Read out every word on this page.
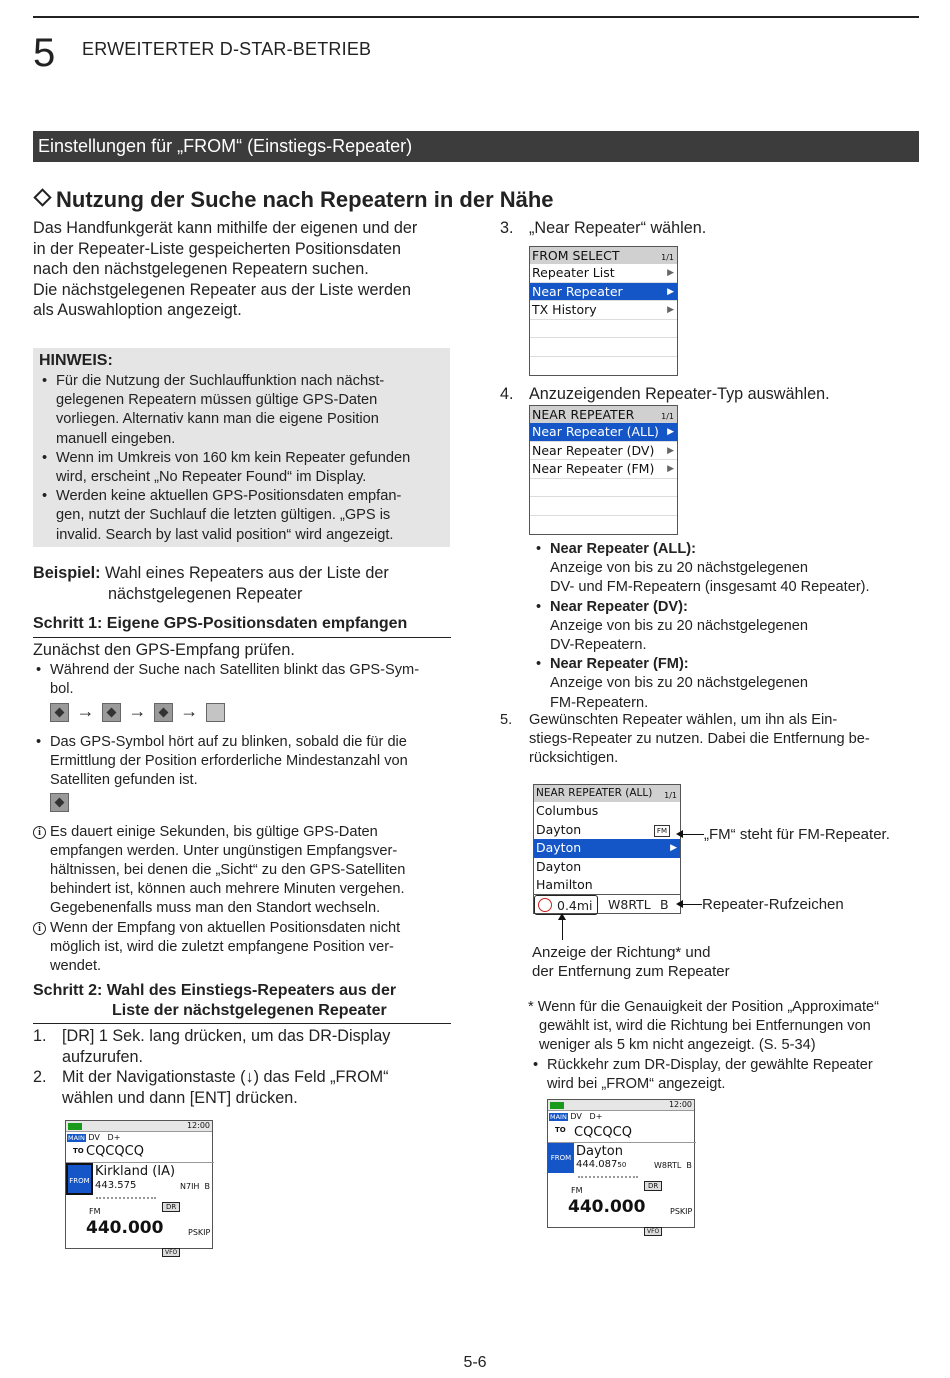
5 ERWEITERTER D-STAR-BETRIEB
Einstellungen für „FROM“ (Einstiegs-Repeater)
Nutzung der Suche nach Repeatern in der Nähe
Das Handfunkgerät kann mithilfe der eigenen und der
in der Repeater-Liste gespeicherten Positionsdaten
nach den nächstgelegenen Repeatern suchen.
Die nächstgelegenen Repeater aus der Liste werden
als Auswahloption angezeigt.
HINWEIS:
• Für die Nutzung der Suchlauffunktion nach nächst-
gelegenen Repeatern müssen gültige GPS-Daten
vorliegen. Alternativ kann man die eigene Position
manuell eingeben.
• Wenn im Umkreis von 160 km kein Repeater gefunden
wird, erscheint „No Repeater Found“ im Display.
• Werden keine aktuellen GPS-Positionsdaten empfan-
gen, nutzt der Suchlauf die letzten gültigen. „GPS is
invalid. Search by last valid position“ wird angezeigt.
Beispiel: Wahl eines Repeaters aus der Liste der
nächstgelegenen Repeater
Schritt 1: Eigene GPS-Positionsdaten empfangen
Zunächst den GPS-Empfang prüfen.
• Während der Suche nach Satelliten blinkt das GPS-Sym-
bol.
→ → →
• Das GPS-Symbol hört auf zu blinken, sobald die für die
Ermittlung der Position erforderliche Mindestanzahl von
Satelliten gefunden ist.
i Es dauert einige Sekunden, bis gültige GPS-Daten
empfangen werden. Unter ungünstigen Empfangsver-
hältnissen, bei denen die „Sicht“ zu den GPS-Satelliten
behindert ist, können auch mehrere Minuten vergehen.
Gegebenenfalls muss man den Standort wechseln.
i Wenn der Empfang von aktuellen Positionsdaten nicht
möglich ist, wird die zuletzt empfangene Position ver-
wendet.
Schritt 2: Wahl des Einstiegs-Repeaters aus der
Liste der nächstgelegenen Repeater
1. [DR] 1 Sek. lang drücken, um das DR-Display
aufzurufen.
2. Mit der Navigationstaste (↓) das Feld „FROM“
wählen und dann [ENT] drücken.
12:00
MAIN DV D+
TO CQCQCQ
FROM
Kirkland (IA)
443.575	N7IH B
DR
FM
440.000	PSKIP
VFO
3. „Near Repeater“ wählen.
FROM SELECT	1/1
Repeater List	▶
Near Repeater	▶
TX History	▶
4. Anzuzeigenden Repeater-Typ auswählen.
NEAR REPEATER	1/1
Near Repeater (ALL) ▶
Near Repeater (DV) ▶
Near Repeater (FM) ▶
• Near Repeater (ALL):
Anzeige von bis zu 20 nächstgelegenen
DV- und FM-Repeatern (insgesamt 40 Repeater).
• Near Repeater (DV):
Anzeige von bis zu 20 nächstgelegenen
DV-Repeatern.
• Near Repeater (FM):
Anzeige von bis zu 20 nächstgelegenen
FM-Repeatern.
5. Gewünschten Repeater wählen, um ihn als Ein-
stiegs-Repeater zu nutzen. Dabei die Entfernung be-
rücksichtigen.
NEAR REPEATER (ALL) 1/1
Columbus
Dayton	FM
Dayton	▶
Dayton
Hamilton
0.4mi	W8RTL B
„FM“ steht für FM-Repeater.
Repeater-Rufzeichen
Anzeige der Richtung* und
der Entfernung zum Repeater
* Wenn für die Genauigkeit der Position „Approximate“
gewählt ist, wird die Richtung bei Entfernungen von
weniger als 5 km nicht angezeigt. (S. 5-34)
• Rückkehr zum DR-Display, der gewählte Repeater
wird bei „FROM“ angezeigt.
12:00
MAIN DV D+
TO CQCQCQ
FROM Dayton
444.08750	W8RTL B
DR
FM
440.000	PSKIP
VFO
5-6
